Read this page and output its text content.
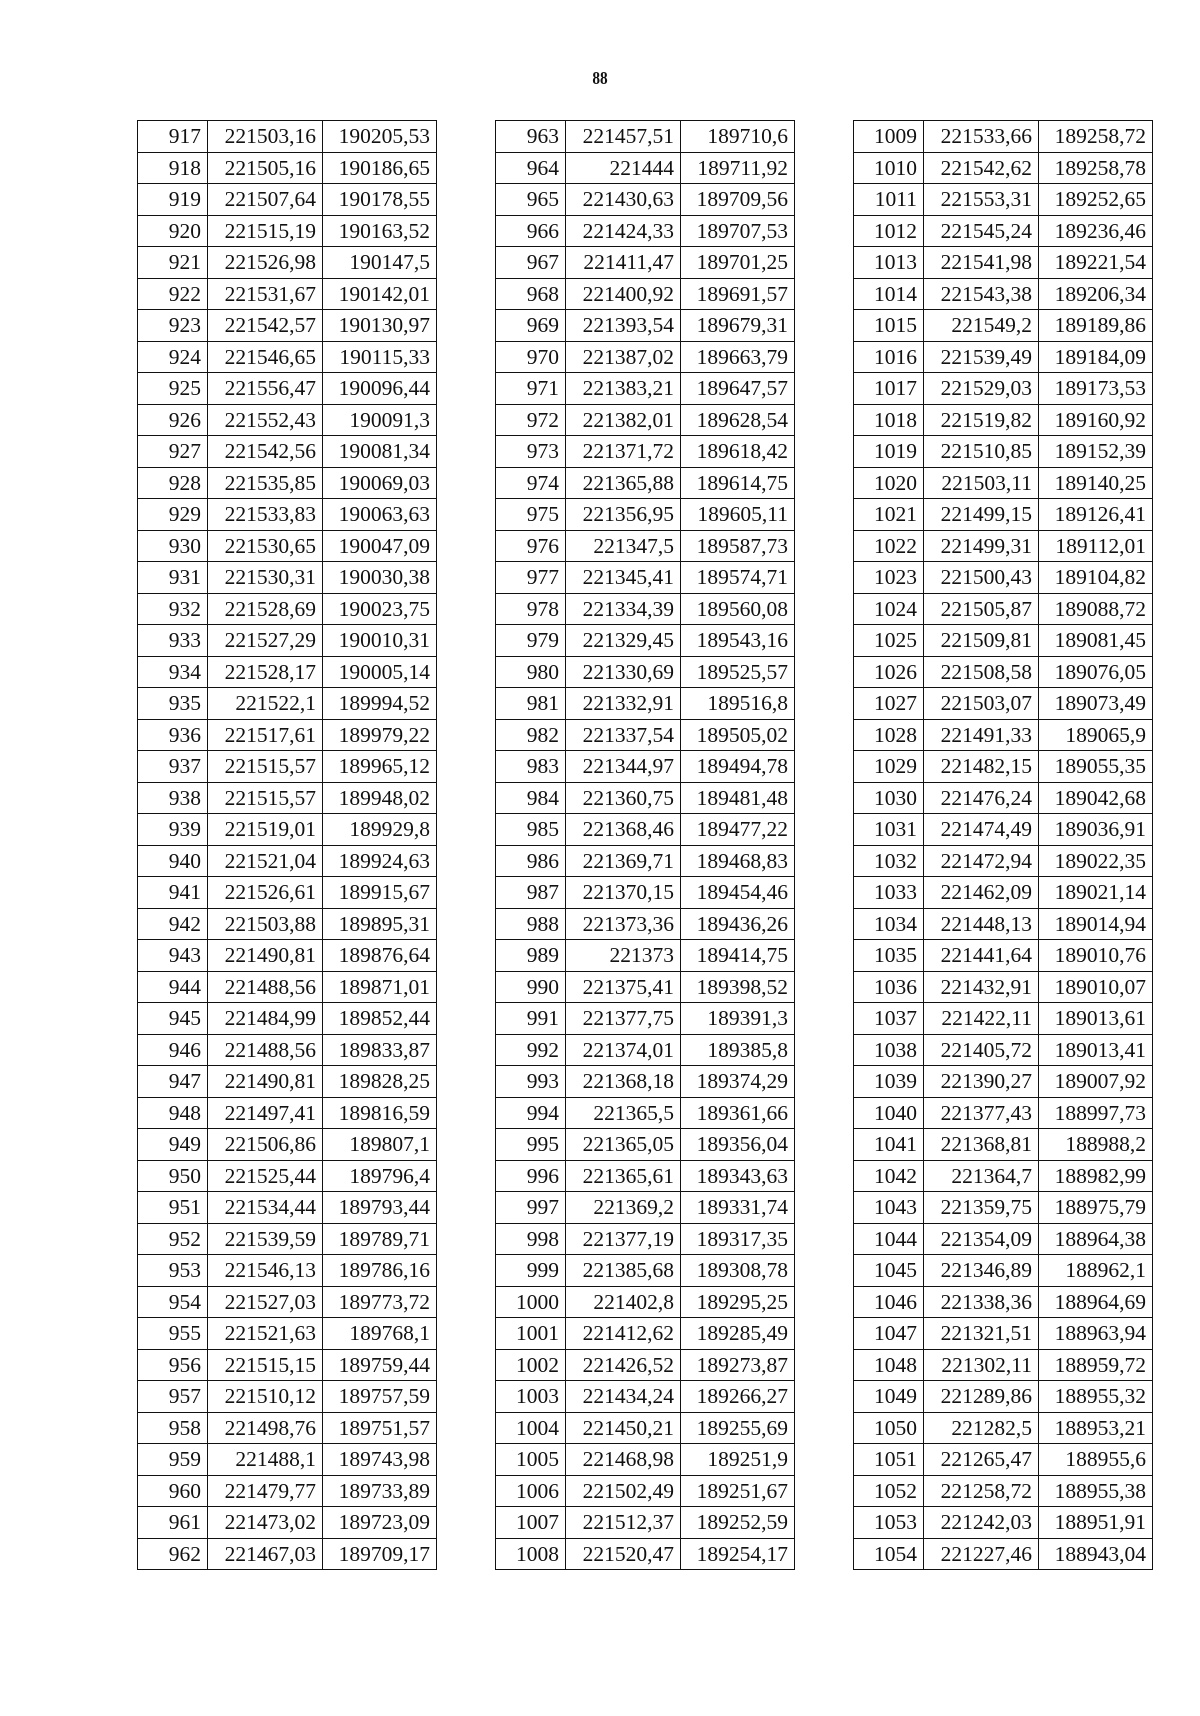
88
917	221503,16	190205,53
918	221505,16	190186,65
919	221507,64	190178,55
920	221515,19	190163,52
921	221526,98	190147,5
922	221531,67	190142,01
923	221542,57	190130,97
924	221546,65	190115,33
925	221556,47	190096,44
926	221552,43	190091,3
927	221542,56	190081,34
928	221535,85	190069,03
929	221533,83	190063,63
930	221530,65	190047,09
931	221530,31	190030,38
932	221528,69	190023,75
933	221527,29	190010,31
934	221528,17	190005,14
935	221522,1	189994,52
936	221517,61	189979,22
937	221515,57	189965,12
938	221515,57	189948,02
939	221519,01	189929,8
940	221521,04	189924,63
941	221526,61	189915,67
942	221503,88	189895,31
943	221490,81	189876,64
944	221488,56	189871,01
945	221484,99	189852,44
946	221488,56	189833,87
947	221490,81	189828,25
948	221497,41	189816,59
949	221506,86	189807,1
950	221525,44	189796,4
951	221534,44	189793,44
952	221539,59	189789,71
953	221546,13	189786,16
954	221527,03	189773,72
955	221521,63	189768,1
956	221515,15	189759,44
957	221510,12	189757,59
958	221498,76	189751,57
959	221488,1	189743,98
960	221479,77	189733,89
961	221473,02	189723,09
962	221467,03	189709,17
963	221457,51	189710,6
964	221444	189711,92
965	221430,63	189709,56
966	221424,33	189707,53
967	221411,47	189701,25
968	221400,92	189691,57
969	221393,54	189679,31
970	221387,02	189663,79
971	221383,21	189647,57
972	221382,01	189628,54
973	221371,72	189618,42
974	221365,88	189614,75
975	221356,95	189605,11
976	221347,5	189587,73
977	221345,41	189574,71
978	221334,39	189560,08
979	221329,45	189543,16
980	221330,69	189525,57
981	221332,91	189516,8
982	221337,54	189505,02
983	221344,97	189494,78
984	221360,75	189481,48
985	221368,46	189477,22
986	221369,71	189468,83
987	221370,15	189454,46
988	221373,36	189436,26
989	221373	189414,75
990	221375,41	189398,52
991	221377,75	189391,3
992	221374,01	189385,8
993	221368,18	189374,29
994	221365,5	189361,66
995	221365,05	189356,04
996	221365,61	189343,63
997	221369,2	189331,74
998	221377,19	189317,35
999	221385,68	189308,78
1000	221402,8	189295,25
1001	221412,62	189285,49
1002	221426,52	189273,87
1003	221434,24	189266,27
1004	221450,21	189255,69
1005	221468,98	189251,9
1006	221502,49	189251,67
1007	221512,37	189252,59
1008	221520,47	189254,17
1009	221533,66	189258,72
1010	221542,62	189258,78
1011	221553,31	189252,65
1012	221545,24	189236,46
1013	221541,98	189221,54
1014	221543,38	189206,34
1015	221549,2	189189,86
1016	221539,49	189184,09
1017	221529,03	189173,53
1018	221519,82	189160,92
1019	221510,85	189152,39
1020	221503,11	189140,25
1021	221499,15	189126,41
1022	221499,31	189112,01
1023	221500,43	189104,82
1024	221505,87	189088,72
1025	221509,81	189081,45
1026	221508,58	189076,05
1027	221503,07	189073,49
1028	221491,33	189065,9
1029	221482,15	189055,35
1030	221476,24	189042,68
1031	221474,49	189036,91
1032	221472,94	189022,35
1033	221462,09	189021,14
1034	221448,13	189014,94
1035	221441,64	189010,76
1036	221432,91	189010,07
1037	221422,11	189013,61
1038	221405,72	189013,41
1039	221390,27	189007,92
1040	221377,43	188997,73
1041	221368,81	188988,2
1042	221364,7	188982,99
1043	221359,75	188975,79
1044	221354,09	188964,38
1045	221346,89	188962,1
1046	221338,36	188964,69
1047	221321,51	188963,94
1048	221302,11	188959,72
1049	221289,86	188955,32
1050	221282,5	188953,21
1051	221265,47	188955,6
1052	221258,72	188955,38
1053	221242,03	188951,91
1054	221227,46	188943,04
